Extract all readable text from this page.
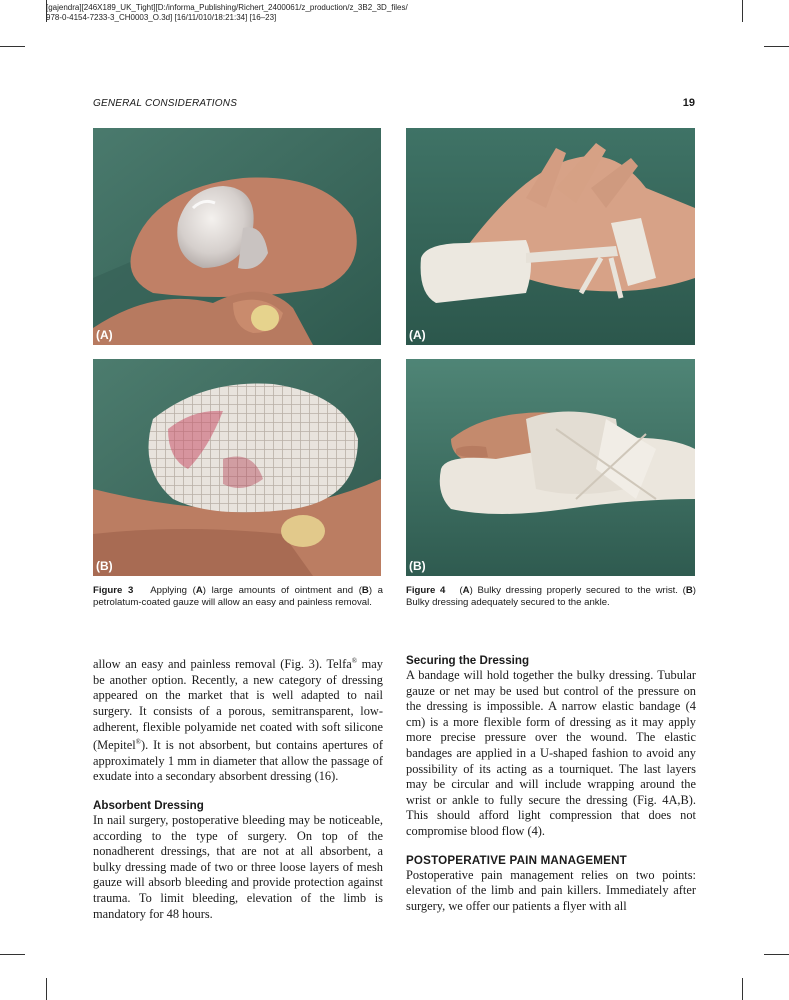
[gajendra][246X189_UK_Tight][D:/informa_Publishing/Richert_2400061/z_production/z_3B2_3D_files/
978-0-4154-7233-3_CH0003_O.3d] [16/11/010/18:21:34] [16–23]
GENERAL CONSIDERATIONS	19
(A)
(B)
(A)
(B)
Figure 3 Applying (A) large amounts of ointment and (B) a petrolatum-coated gauze will allow an easy and painless removal.
Figure 4 (A) Bulky dressing properly secured to the wrist. (B) Bulky dressing adequately secured to the ankle.

allow an easy and painless removal (Fig. 3). Telfa® may be another option. Recently, a new category of dressing appeared on the market that is well adapted to nail surgery. It consists of a porous, semitransparent, low-adherent, flexible polyamide net coated with soft silicone (Mepitel®). It is not absorbent, but contains apertures of approximately 1 mm in diameter that allow the passage of exudate into a secondary absorbent dressing (16).

Absorbent Dressing

In nail surgery, postoperative bleeding may be noticeable, according to the type of surgery. On top of the nonadherent dressings, that are not at all absorbent, a bulky dressing made of two or three loose layers of mesh gauze will absorb bleeding and provide protection against trauma. To limit bleeding, elevation of the limb is mandatory for 48 hours.

Securing the Dressing

A bandage will hold together the bulky dressing. Tubular gauze or net may be used but control of the pressure on the dressing is impossible. A narrow elastic bandage (4 cm) is a more flexible form of dressing as it may apply more precise pressure over the wound. The elastic bandages are applied in a U-shaped fashion to avoid any possibility of its acting as a tourniquet. The last layers may be circular and will include wrapping around the wrist or ankle to fully secure the dressing (Fig. 4A,B). This should afford light compression that does not compromise blood flow (4).

POSTOPERATIVE PAIN MANAGEMENT

Postoperative pain management relies on two points: elevation of the limb and pain killers. Immediately after surgery, we offer our patients a flyer with all
